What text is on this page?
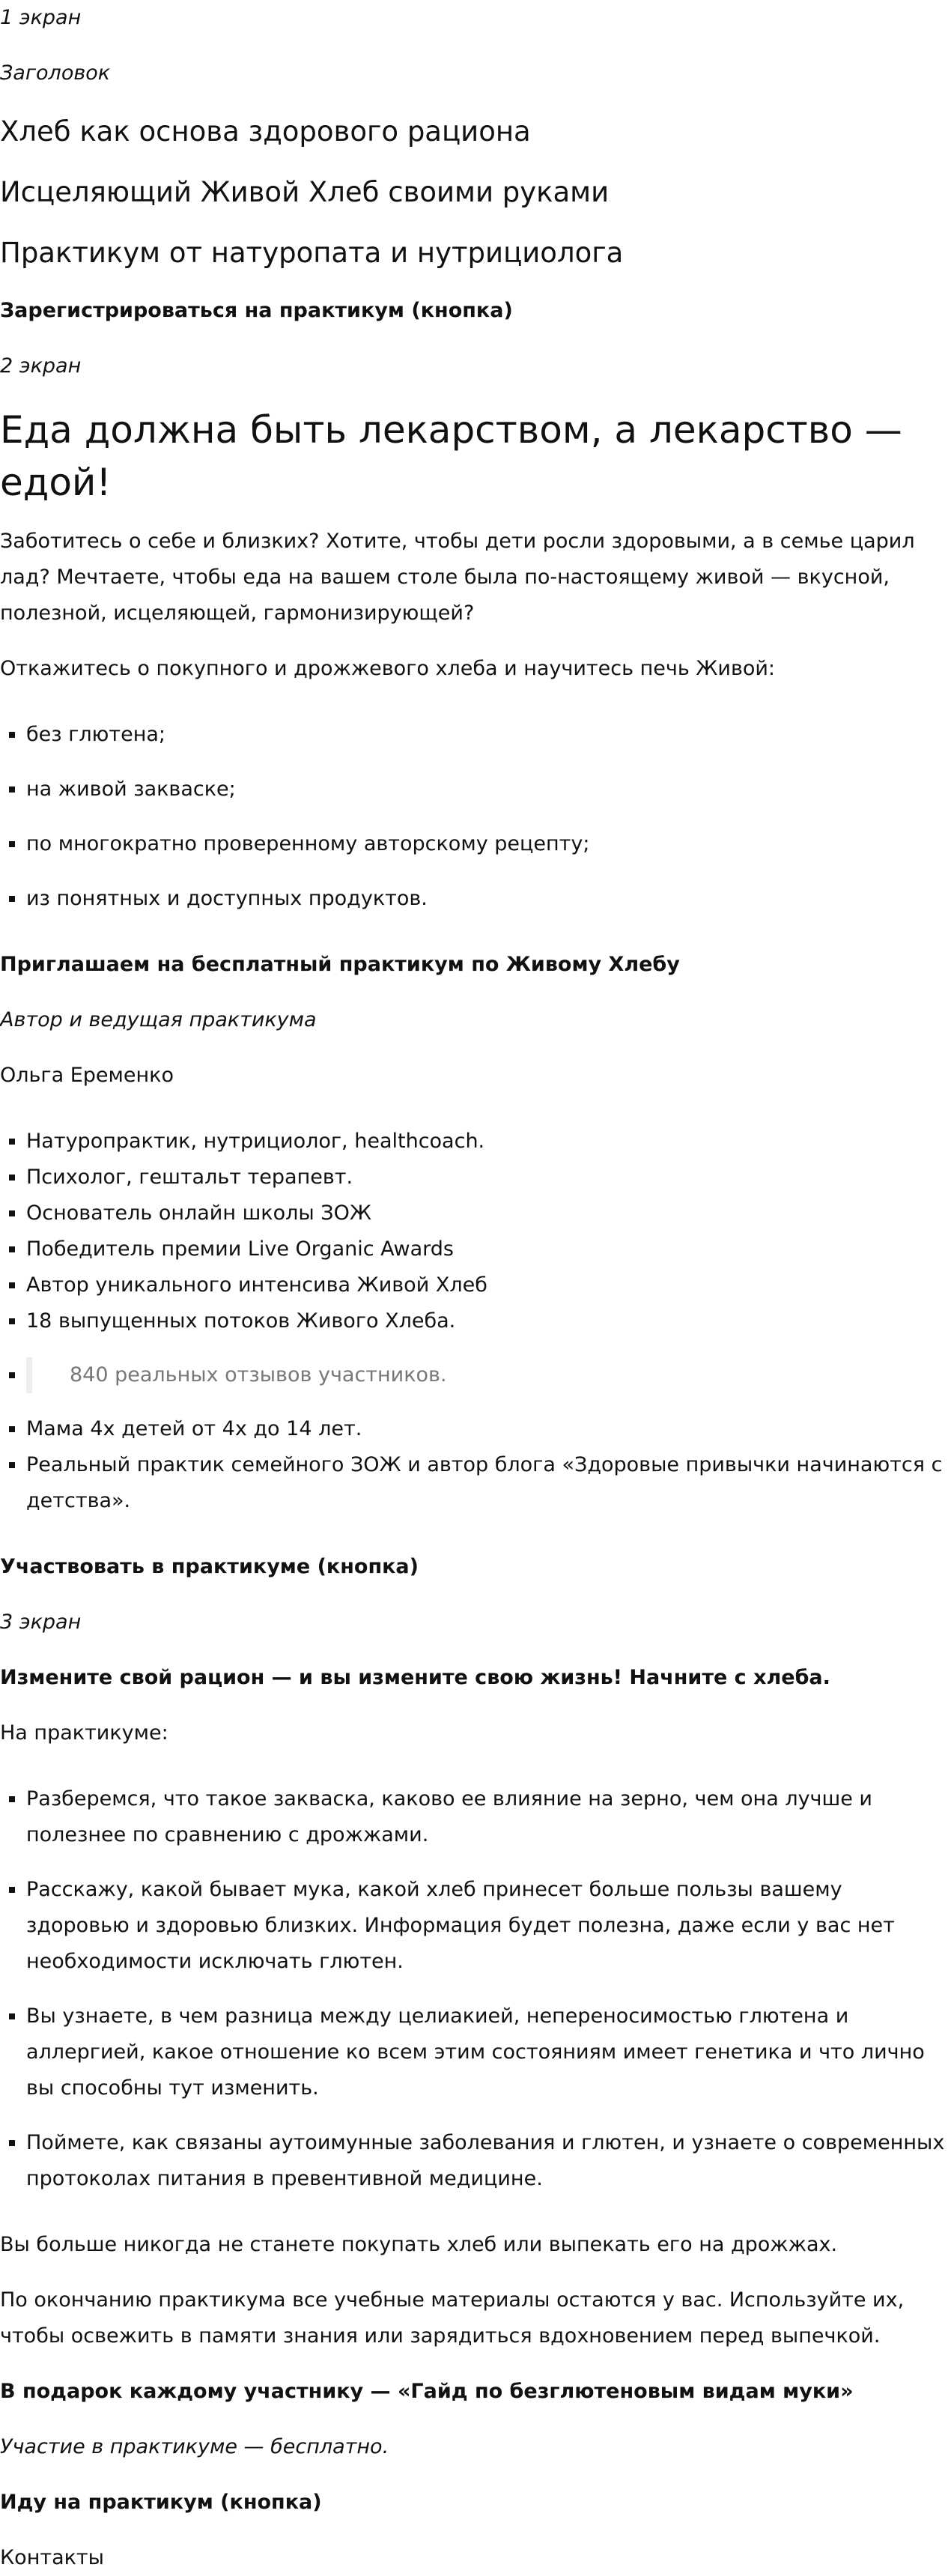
1 экран

Заголовок

Хлеб как основа здорового рациона
Исцеляющий Живой Хлеб своими руками
Практикум от натуропата и нутрициолога

Зарегистрироваться на практикум (кнопка)

2 экран

Еда должна быть лекарством, а лекарство — едой!

Заботитесь о себе и близких? Хотите, чтобы дети росли здоровыми, а в семье царил лад? Мечтаете, чтобы еда на вашем столе была по-настоящему живой — вкусной, полезной, исцеляющей, гармонизирующей?

Откажитесь о покупного и дрожжевого хлеба и научитесь печь Живой:

▪ без глютена;
▪ на живой закваске;
▪ по многократно проверенному авторскому рецепту;
▪ из понятных и доступных продуктов.

Приглашаем на бесплатный практикум по Живому Хлебу

Автор и ведущая практикума

Ольга Еременко

▪ Натуропрактик, нутрициолог, healthcoach.
▪ Психолог, гештальт терапевт.
▪ Основатель онлайн школы ЗОЖ
▪ Победитель премии Live Organic Awards
▪ Автор уникального интенсива Живой Хлеб
▪ 18 выпущенных потоков Живого Хлеба.
▪ 840 реальных отзывов участников.
▪ Мама 4х детей от 4х до 14 лет.
▪ Реальный практик семейного ЗОЖ и автор блога «Здоровые привычки начинаются с детства».

Участвовать в практикуме (кнопка)

3 экран

Измените свой рацион — и вы измените свою жизнь! Начните с хлеба.

На практикуме:

▪ Разберемся, что такое закваска, каково ее влияние на зерно, чем она лучше и полезнее по сравнению с дрожжами.
▪ Расскажу, какой бывает мука, какой хлеб принесет больше пользы вашему здоровью и здоровью близких. Информация будет полезна, даже если у вас нет необходимости исключать глютен.
▪ Вы узнаете, в чем разница между целиакией, непереносимостью глютена и аллергией, какое отношение ко всем этим состояниям имеет генетика и что лично вы способны тут изменить.
▪ Поймете, как связаны аутоимунные заболевания и глютен, и узнаете о современных протоколах питания в превентивной медицине.

Вы больше никогда не станете покупать хлеб или выпекать его на дрожжах.

По окончанию практикума все учебные материалы остаются у вас. Используйте их, чтобы освежить в памяти знания или зарядиться вдохновением перед выпечкой.

В подарок каждому участнику — «Гайд по безглютеновым видам муки»

Участие в практикуме — бесплатно.

Иду на практикум (кнопка)

Контакты
